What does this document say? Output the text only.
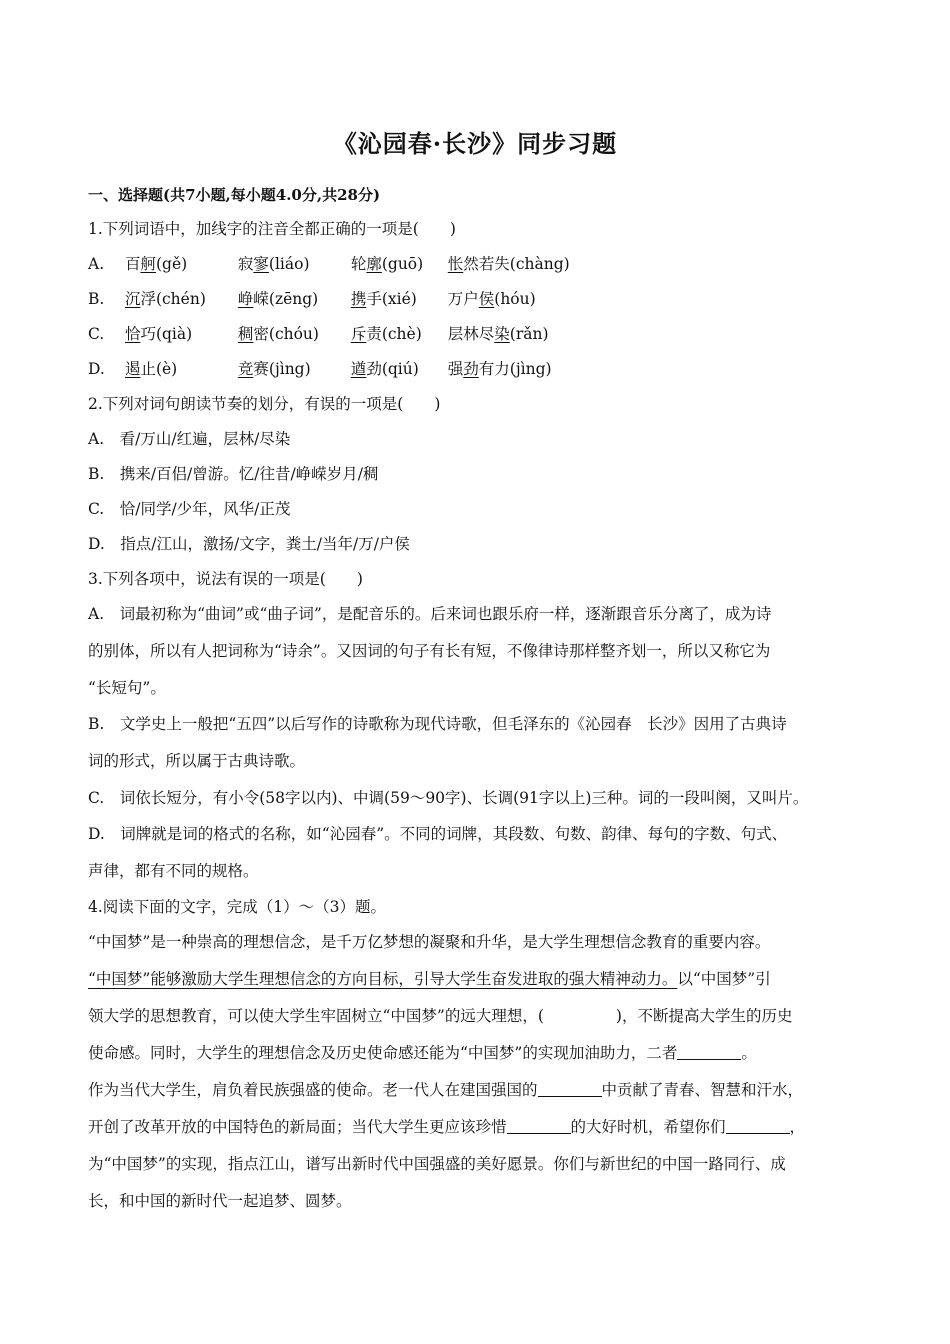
《沁园春·长沙》同步习题
一、选择题(共7小题,每小题4.0分,共28分)
1.下列词语中，加线字的注音全都正确的一项是(　　)
A. 百舸(gě)	寂寥(liáo)	轮廓(guō) 怅然若失(chàng)
B. 沉浮(chén) 峥嵘(zēng) 携手(xié) 万户侯(hóu)
C. 恰巧(qià)	稠密(chóu) 斥责(chè) 层林尽染(rǎn)
D. 遏止(è)	竞赛(jìng)	遒劲(qiú) 强劲有力(jìng)
2.下列对词句朗读节奏的划分，有误的一项是(　　)
A.　看/万山/红遍，层林/尽染
B.　携来/百侣/曾游。忆/往昔/峥嵘岁月/稠
C.　恰/同学/少年，风华/正茂
D.　指点/江山，激扬/文字，粪土/当年/万/户侯
3.下列各项中，说法有误的一项是(　　)
A.　词最初称为“曲词”或“曲子词”，是配音乐的。后来词也跟乐府一样，逐渐跟音乐分离了，成为诗
的别体，所以有人把词称为“诗余”。又因词的句子有长有短，不像律诗那样整齐划一，所以又称它为
“长短句”。
B.　文学史上一般把“五四”以后写作的诗歌称为现代诗歌，但毛泽东的《沁园春　长沙》因用了古典诗
词的形式，所以属于古典诗歌。
C.　词依长短分，有小令(58字以内)、中调(59～90字)、长调(91字以上)三种。词的一段叫阕，又叫片。
D.　词牌就是词的格式的名称，如“沁园春”。不同的词牌，其段数、句数、韵律、每句的字数、句式、
声律，都有不同的规格。
4.阅读下面的文字，完成（1）～（3）题。
“中国梦”是一种崇高的理想信念，是千万亿梦想的凝聚和升华，是大学生理想信念教育的重要内容。
“中国梦”能够激励大学生理想信念的方向目标，引导大学生奋发进取的强大精神动力。以“中国梦”引
领大学的思想教育，可以使大学生牢固树立“中国梦”的远大理想，(	)，不断提高大学生的历史
使命感。同时，大学生的理想信念及历史使命感还能为“中国梦”的实现加油助力，二者	。
作为当代大学生，肩负着民族强盛的使命。老一代人在建国强国的	中贡献了青春、智慧和汗水，
开创了改革开放的中国特色的新局面；当代大学生更应该珍惜	的大好时机，希望你们	，
为“中国梦”的实现，指点江山，谱写出新时代中国强盛的美好愿景。你们与新世纪的中国一路同行、成
长，和中国的新时代一起追梦、圆梦。
